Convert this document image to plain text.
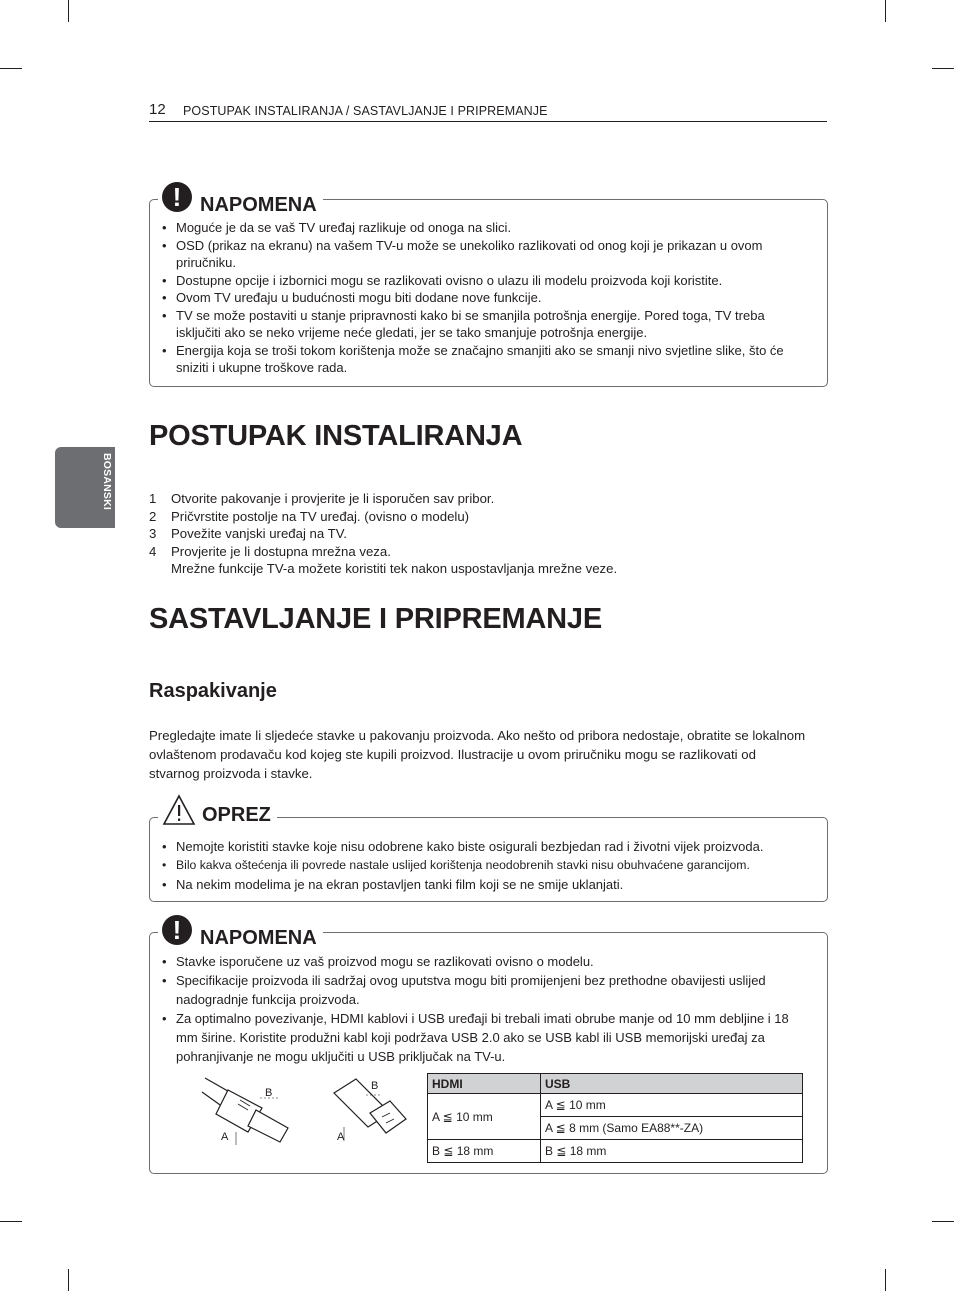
12 POSTUPAK INSTALIRANJA / SASTAVLJANJE I PRIPREMANJE
BOSANSKI
! NAPOMENA
• Moguće je da se vaš TV uređaj razlikuje od onoga na slici.
• OSD (prikaz na ekranu) na vašem TV-u može se unekoliko razlikovati od onog koji je prikazan u ovom priručniku.
• Dostupne opcije i izbornici mogu se razlikovati ovisno o ulazu ili modelu proizvoda koji koristite.
• Ovom TV uređaju u budućnosti mogu biti dodane nove funkcije.
• TV se može postaviti u stanje pripravnosti kako bi se smanjila potrošnja energije. Pored toga, TV treba isključiti ako se neko vrijeme neće gledati, jer se tako smanjuje potrošnja energije.
• Energija koja se troši tokom korištenja može se značajno smanjiti ako se smanji nivo svjetline slike, što će sniziti i ukupne troškove rada.
POSTUPAK INSTALIRANJA
1 Otvorite pakovanje i provjerite je li isporučen sav pribor.
2 Pričvrstite postolje na TV uređaj. (ovisno o modelu)
3 Povežite vanjski uređaj na TV.
4 Provjerite je li dostupna mrežna veza.
Mrežne funkcije TV-a možete koristiti tek nakon uspostavljanja mrežne veze.
SASTAVLJANJE I PRIPREMANJE
Raspakivanje
Pregledajte imate li sljedeće stavke u pakovanju proizvoda. Ako nešto od pribora nedostaje, obratite se lokalnom ovlaštenom prodavaču kod kojeg ste kupili proizvod. Ilustracije u ovom priručniku mogu se razlikovati od stvarnog proizvoda i stavke.
OPREZ
• Nemojte koristiti stavke koje nisu odobrene kako biste osigurali bezbjedan rad i životni vijek proizvoda.
• Bilo kakva oštećenja ili povrede nastale uslijed korištenja neodobrenih stavki nisu obuhvaćene garancijom.
• Na nekim modelima je na ekran postavljen tanki film koji se ne smije uklanjati.
! NAPOMENA
• Stavke isporučene uz vaš proizvod mogu se razlikovati ovisno o modelu.
• Specifikacije proizvoda ili sadržaj ovog uputstva mogu biti promijenjeni bez prethodne obavijesti uslijed nadogradnje funkcija proizvoda.
• Za optimalno povezivanje, HDMI kablovi i USB uređaji bi trebali imati obrube manje od 10 mm debljine i 18 mm širine. Koristite produžni kabl koji podržava USB 2.0 ako se USB kabl ili USB memorijski uređaj za pohranjivanje ne mogu uključiti u USB priključak na TV-u.
B
A
B
A
HDMI	USB
A ≦ 10 mm	A ≦ 10 mm
	A ≦ 8 mm (Samo EA88**-ZA)
B ≦ 18 mm	B ≦ 18 mm
